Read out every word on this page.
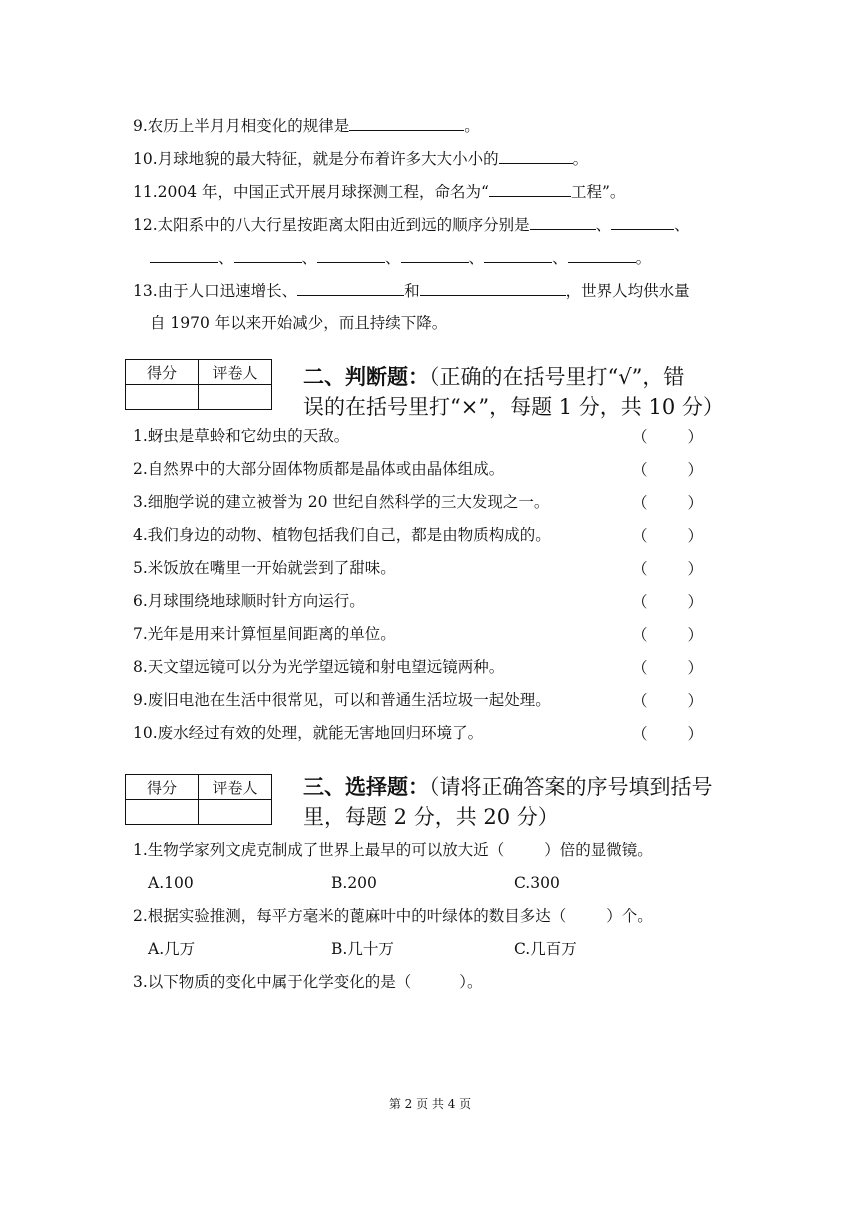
9.农历上半月月相变化的规律是	。
10.月球地貌的最大特征，就是分布着许多大大小小的	。
11.2004 年，中国正式开展月球探测工程，命名为“	工程”。
12.太阳系中的八大行星按距离太阳由近到远的顺序分别是	、	、
、	、	、	、	、	。
13.由于人口迅速增长、	和	，世界人均供水量
自 1970 年以来开始减少，而且持续下降。
得分	评卷人
	二、判断题：（正确的在括号里打“√”，错
误的在括号里打“×”，每题 1 分，共 10 分）
1.蚜虫是草蛉和它幼虫的天敌。
2.自然界中的大部分固体物质都是晶体或由晶体组成。
3.细胞学说的建立被誉为 20 世纪自然科学的三大发现之一。
4.我们身边的动物、植物包括我们自己，都是由物质构成的。
5.米饭放在嘴里一开始就尝到了甜味。
6.月球围绕地球顺时针方向运行。
7.光年是用来计算恒星间距离的单位。
8.天文望远镜可以分为光学望远镜和射电望远镜两种。
9.废旧电池在生活中很常见，可以和普通生活垃圾一起处理。
10.废水经过有效的处理，就能无害地回归环境了。
（	）
（	）
（	）
（	）
（	）
（	）
（	）
（	）
（	）
（	）
得分	评卷人
	三、选择题：（请将正确答案的序号填到括号
里，每题 2 分，共 20 分）
1.生物学家列文虎克制成了世界上最早的可以放大近（	）倍的显微镜。
A.100	B.200	C.300
2.根据实验推测，每平方毫米的蓖麻叶中的叶绿体的数目多达（	）个。
A.几万	B.几十万	C.几百万
3.以下物质的变化中属于化学变化的是（	）。
第 2 页 共 4 页
